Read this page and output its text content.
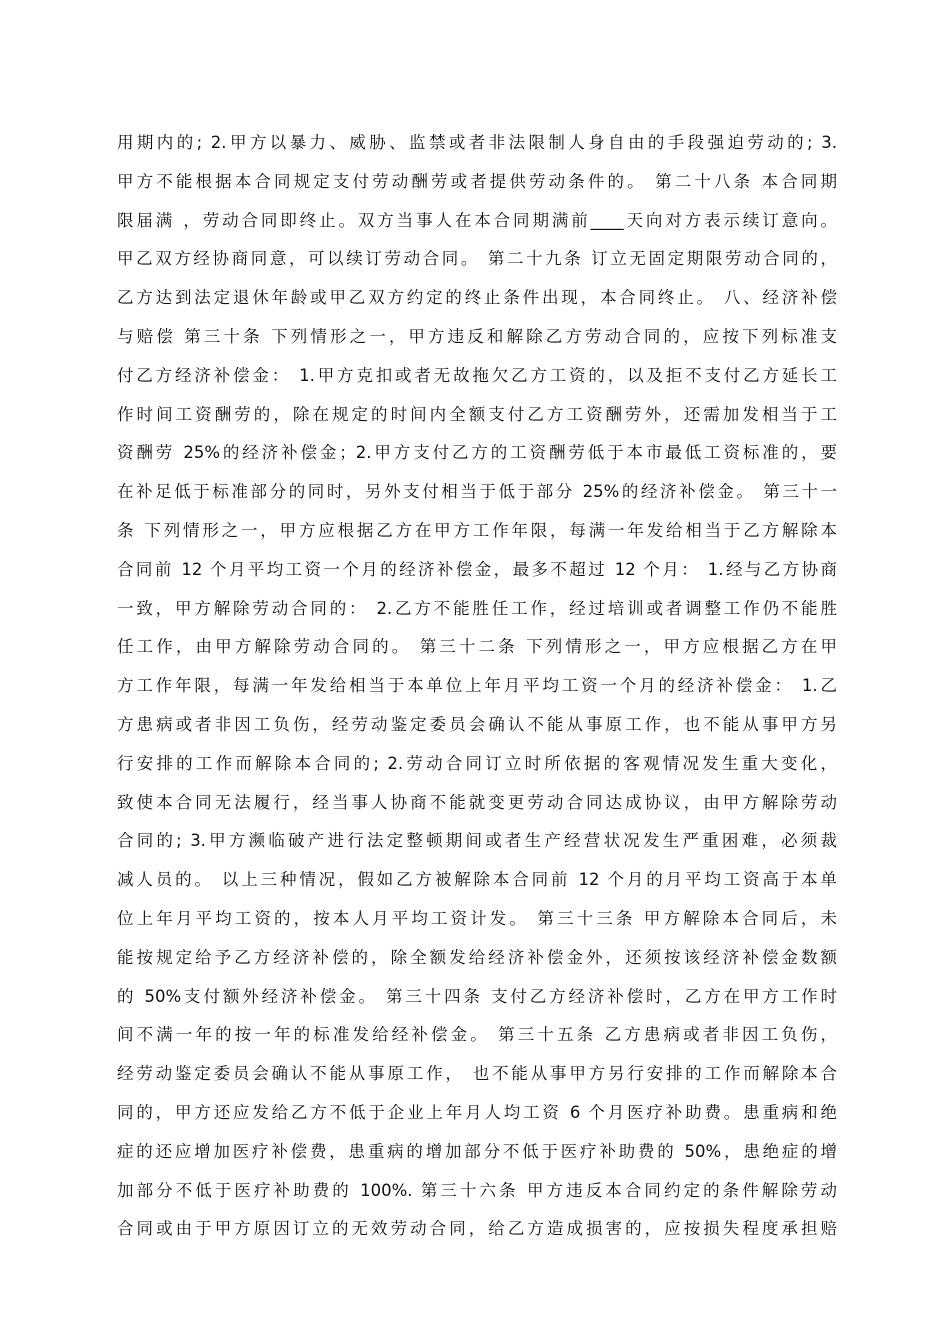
用期内的; 2.甲方以暴力、威胁、监禁或者非法限制人身自由的手段强迫劳动的; 3.
甲方不能根据本合同规定支付劳动酬劳或者提供劳动条件的。 第二十八条 本合同期
限届满 ，劳动合同即终止。双方当事人在本合同期满前____天向对方表示续订意向。
甲乙双方经协商同意，可以续订劳动合同。 第二十九条 订立无固定期限劳动合同的，
乙方达到法定退休年龄或甲乙双方约定的终止条件出现，本合同终止。 八、经济补偿
与赔偿 第三十条 下列情形之一，甲方违反和解除乙方劳动合同的，应按下列标准支
付乙方经济补偿金： 1.甲方克扣或者无故拖欠乙方工资的，以及拒不支付乙方延长工
作时间工资酬劳的，除在规定的时间内全额支付乙方工资酬劳外，还需加发相当于工
资酬劳 25%的经济补偿金；2.甲方支付乙方的工资酬劳低于本市最低工资标准的，要
在补足低于标准部分的同时，另外支付相当于低于部分 25%的经济补偿金。 第三十一
条 下列情形之一，甲方应根据乙方在甲方工作年限，每满一年发给相当于乙方解除本
合同前 12 个月平均工资一个月的经济补偿金，最多不超过 12 个月： 1.经与乙方协商
一致，甲方解除劳动合同的： 2.乙方不能胜任工作，经过培训或者调整工作仍不能胜
任工作，由甲方解除劳动合同的。 第三十二条 下列情形之一，甲方应根据乙方在甲
方工作年限，每满一年发给相当于本单位上年月平均工资一个月的经济补偿金： 1.乙
方患病或者非因工负伤，经劳动鉴定委员会确认不能从事原工作，也不能从事甲方另
行安排的工作而解除本合同的; 2.劳动合同订立时所依据的客观情况发生重大变化，
致使本合同无法履行，经当事人协商不能就变更劳动合同达成协议，由甲方解除劳动
合同的; 3.甲方濒临破产进行法定整顿期间或者生产经营状况发生严重困难，必须裁
减人员的。 以上三种情况，假如乙方被解除本合同前 12 个月的月平均工资高于本单
位上年月平均工资的，按本人月平均工资计发。 第三十三条 甲方解除本合同后，未
能按规定给予乙方经济补偿的，除全额发给经济补偿金外，还须按该经济补偿金数额
的 50%支付额外经济补偿金。 第三十四条 支付乙方经济补偿时，乙方在甲方工作时
间不满一年的按一年的标准发给经补偿金。 第三十五条 乙方患病或者非因工负伤，
经劳动鉴定委员会确认不能从事原工作， 也不能从事甲方另行安排的工作而解除本合
同的，甲方还应发给乙方不低于企业上年月人均工资 6 个月医疗补助费。患重病和绝
症的还应增加医疗补偿费，患重病的增加部分不低于医疗补助费的 50%，患绝症的增
加部分不低于医疗补助费的 100%. 第三十六条 甲方违反本合同约定的条件解除劳动
合同或由于甲方原因订立的无效劳动合同，给乙方造成损害的，应按损失程度承担赔
